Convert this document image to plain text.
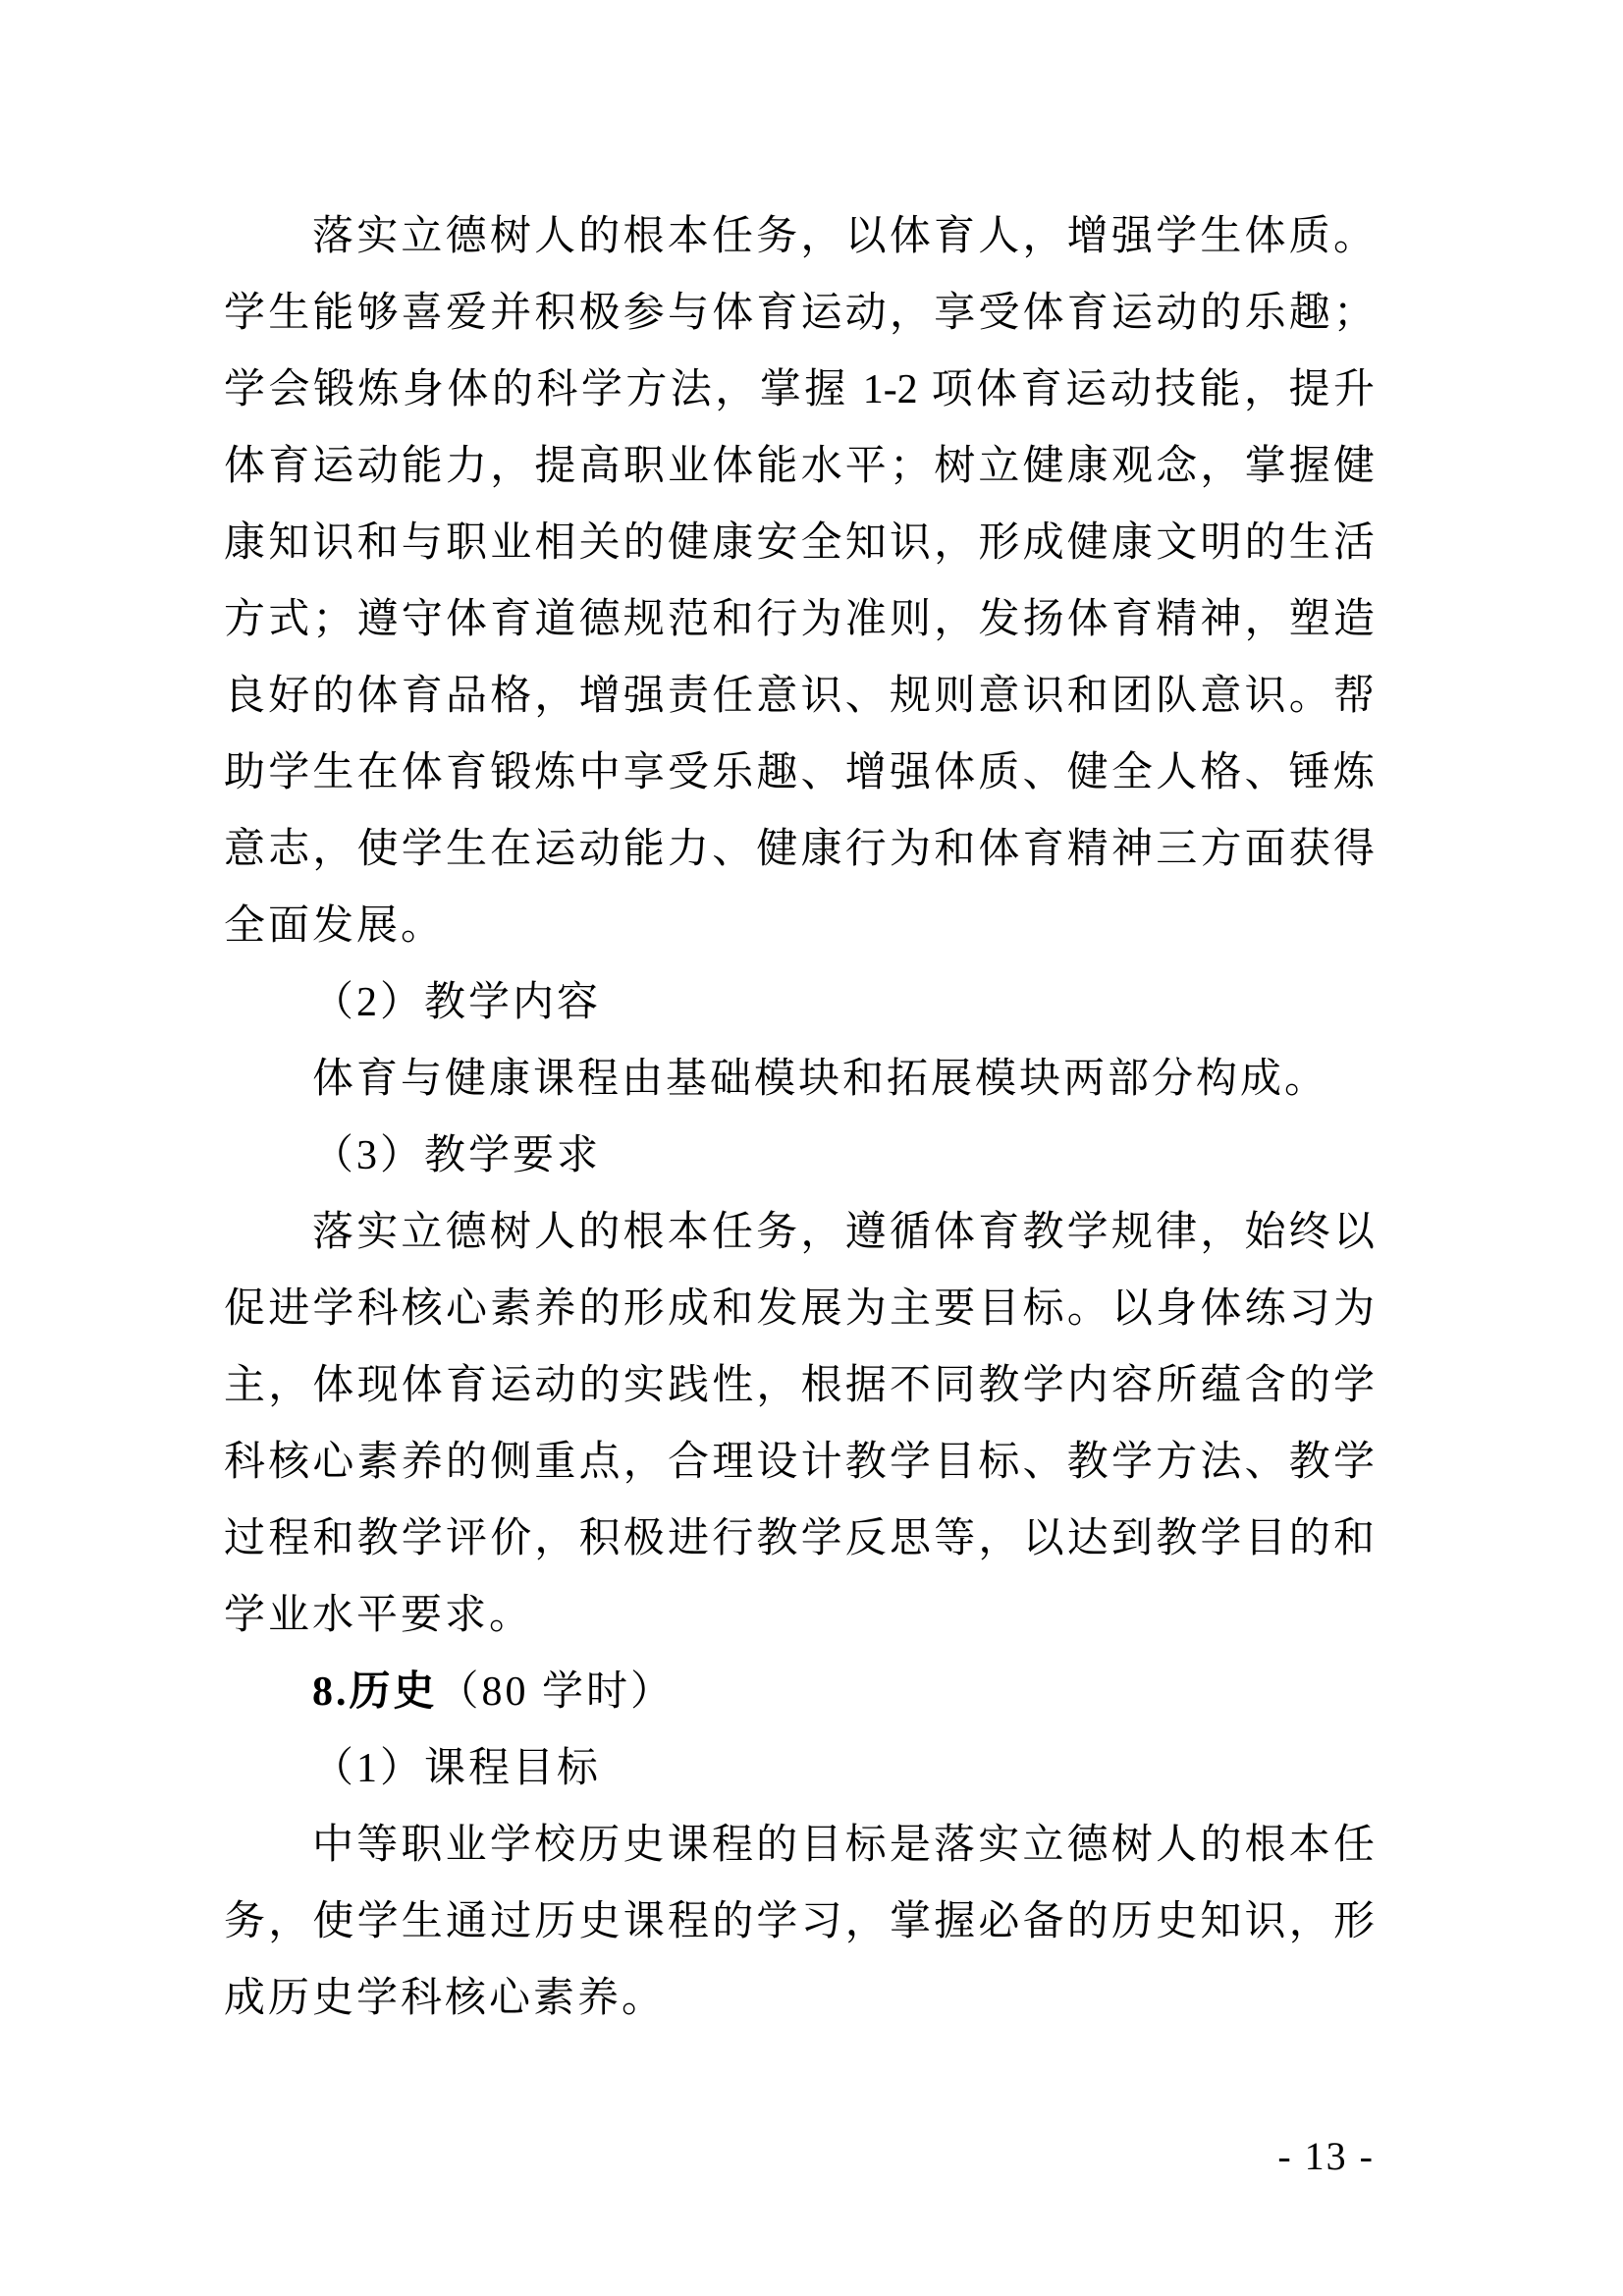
落实立德树人的根本任务，以体育人，增强学生体质。
学生能够喜爱并积极参与体育运动，享受体育运动的乐趣；
学会锻炼身体的科学方法，掌握 1-2 项体育运动技能，提升
体育运动能力，提高职业体能水平；树立健康观念，掌握健
康知识和与职业相关的健康安全知识，形成健康文明的生活
方式；遵守体育道德规范和行为准则，发扬体育精神，塑造
良好的体育品格，增强责任意识、规则意识和团队意识。帮
助学生在体育锻炼中享受乐趣、增强体质、健全人格、锤炼
意志，使学生在运动能力、健康行为和体育精神三方面获得
全面发展。
（2）教学内容
体育与健康课程由基础模块和拓展模块两部分构成。
（3）教学要求
落实立德树人的根本任务，遵循体育教学规律，始终以
促进学科核心素养的形成和发展为主要目标。以身体练习为
主，体现体育运动的实践性，根据不同教学内容所蕴含的学
科核心素养的侧重点，合理设计教学目标、教学方法、教学
过程和教学评价，积极进行教学反思等，以达到教学目的和
学业水平要求。
8.历史（80 学时）
（1）课程目标
中等职业学校历史课程的目标是落实立德树人的根本任
务，使学生通过历史课程的学习，掌握必备的历史知识，形
成历史学科核心素养。
- 13 -
